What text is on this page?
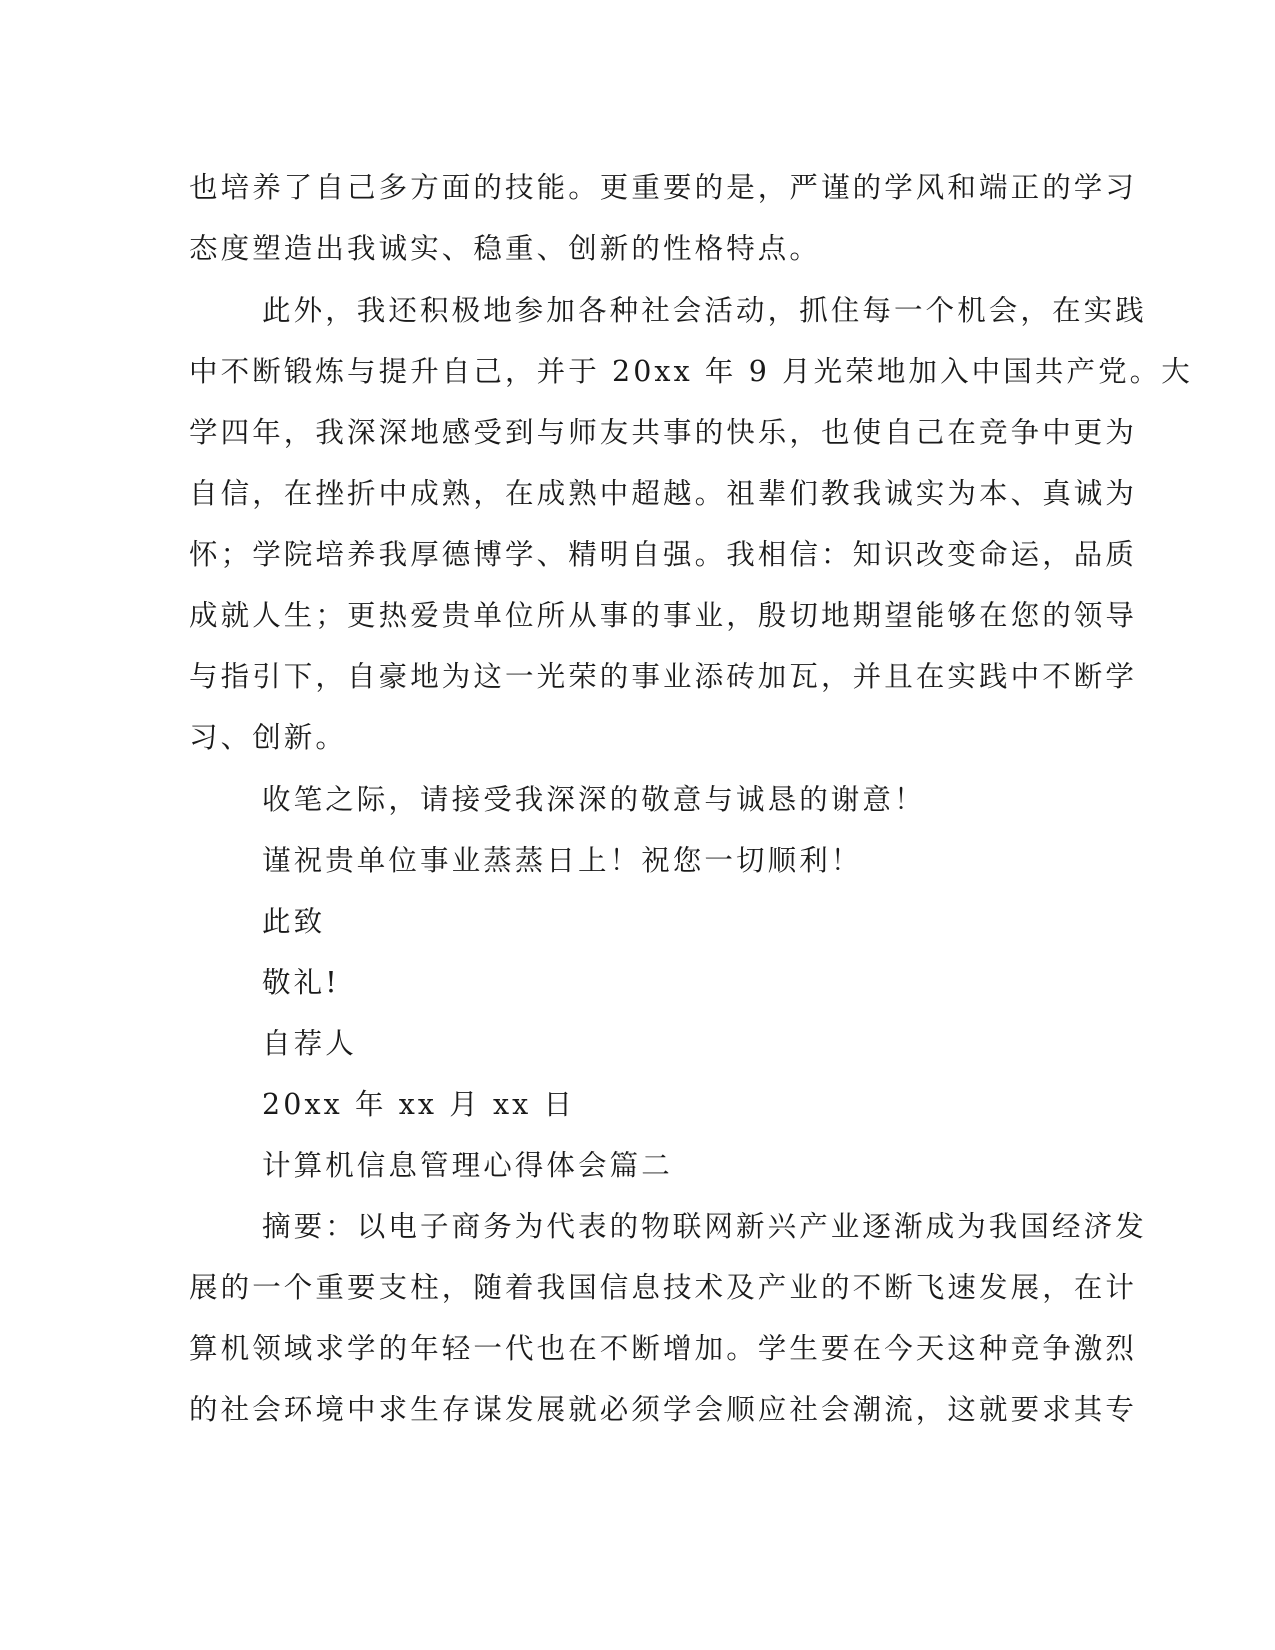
也培养了自己多方面的技能。更重要的是，严谨的学风和端正的学习
态度塑造出我诚实、稳重、创新的性格特点。
此外，我还积极地参加各种社会活动，抓住每一个机会，在实践
中不断锻炼与提升自己，并于 20xx 年 9 月光荣地加入中国共产党。大
学四年，我深深地感受到与师友共事的快乐，也使自己在竞争中更为
自信，在挫折中成熟，在成熟中超越。祖辈们教我诚实为本、真诚为
怀；学院培养我厚德博学、精明自强。我相信：知识改变命运，品质
成就人生；更热爱贵单位所从事的事业，殷切地期望能够在您的领导
与指引下，自豪地为这一光荣的事业添砖加瓦，并且在实践中不断学
习、创新。
收笔之际，请接受我深深的敬意与诚恳的谢意！
谨祝贵单位事业蒸蒸日上！祝您一切顺利！
此致
敬礼!
自荐人
20xx 年 xx 月 xx 日
计算机信息管理心得体会篇二
摘要：以电子商务为代表的物联网新兴产业逐渐成为我国经济发
展的一个重要支柱，随着我国信息技术及产业的不断飞速发展，在计
算机领域求学的年轻一代也在不断增加。学生要在今天这种竞争激烈
的社会环境中求生存谋发展就必须学会顺应社会潮流，这就要求其专
